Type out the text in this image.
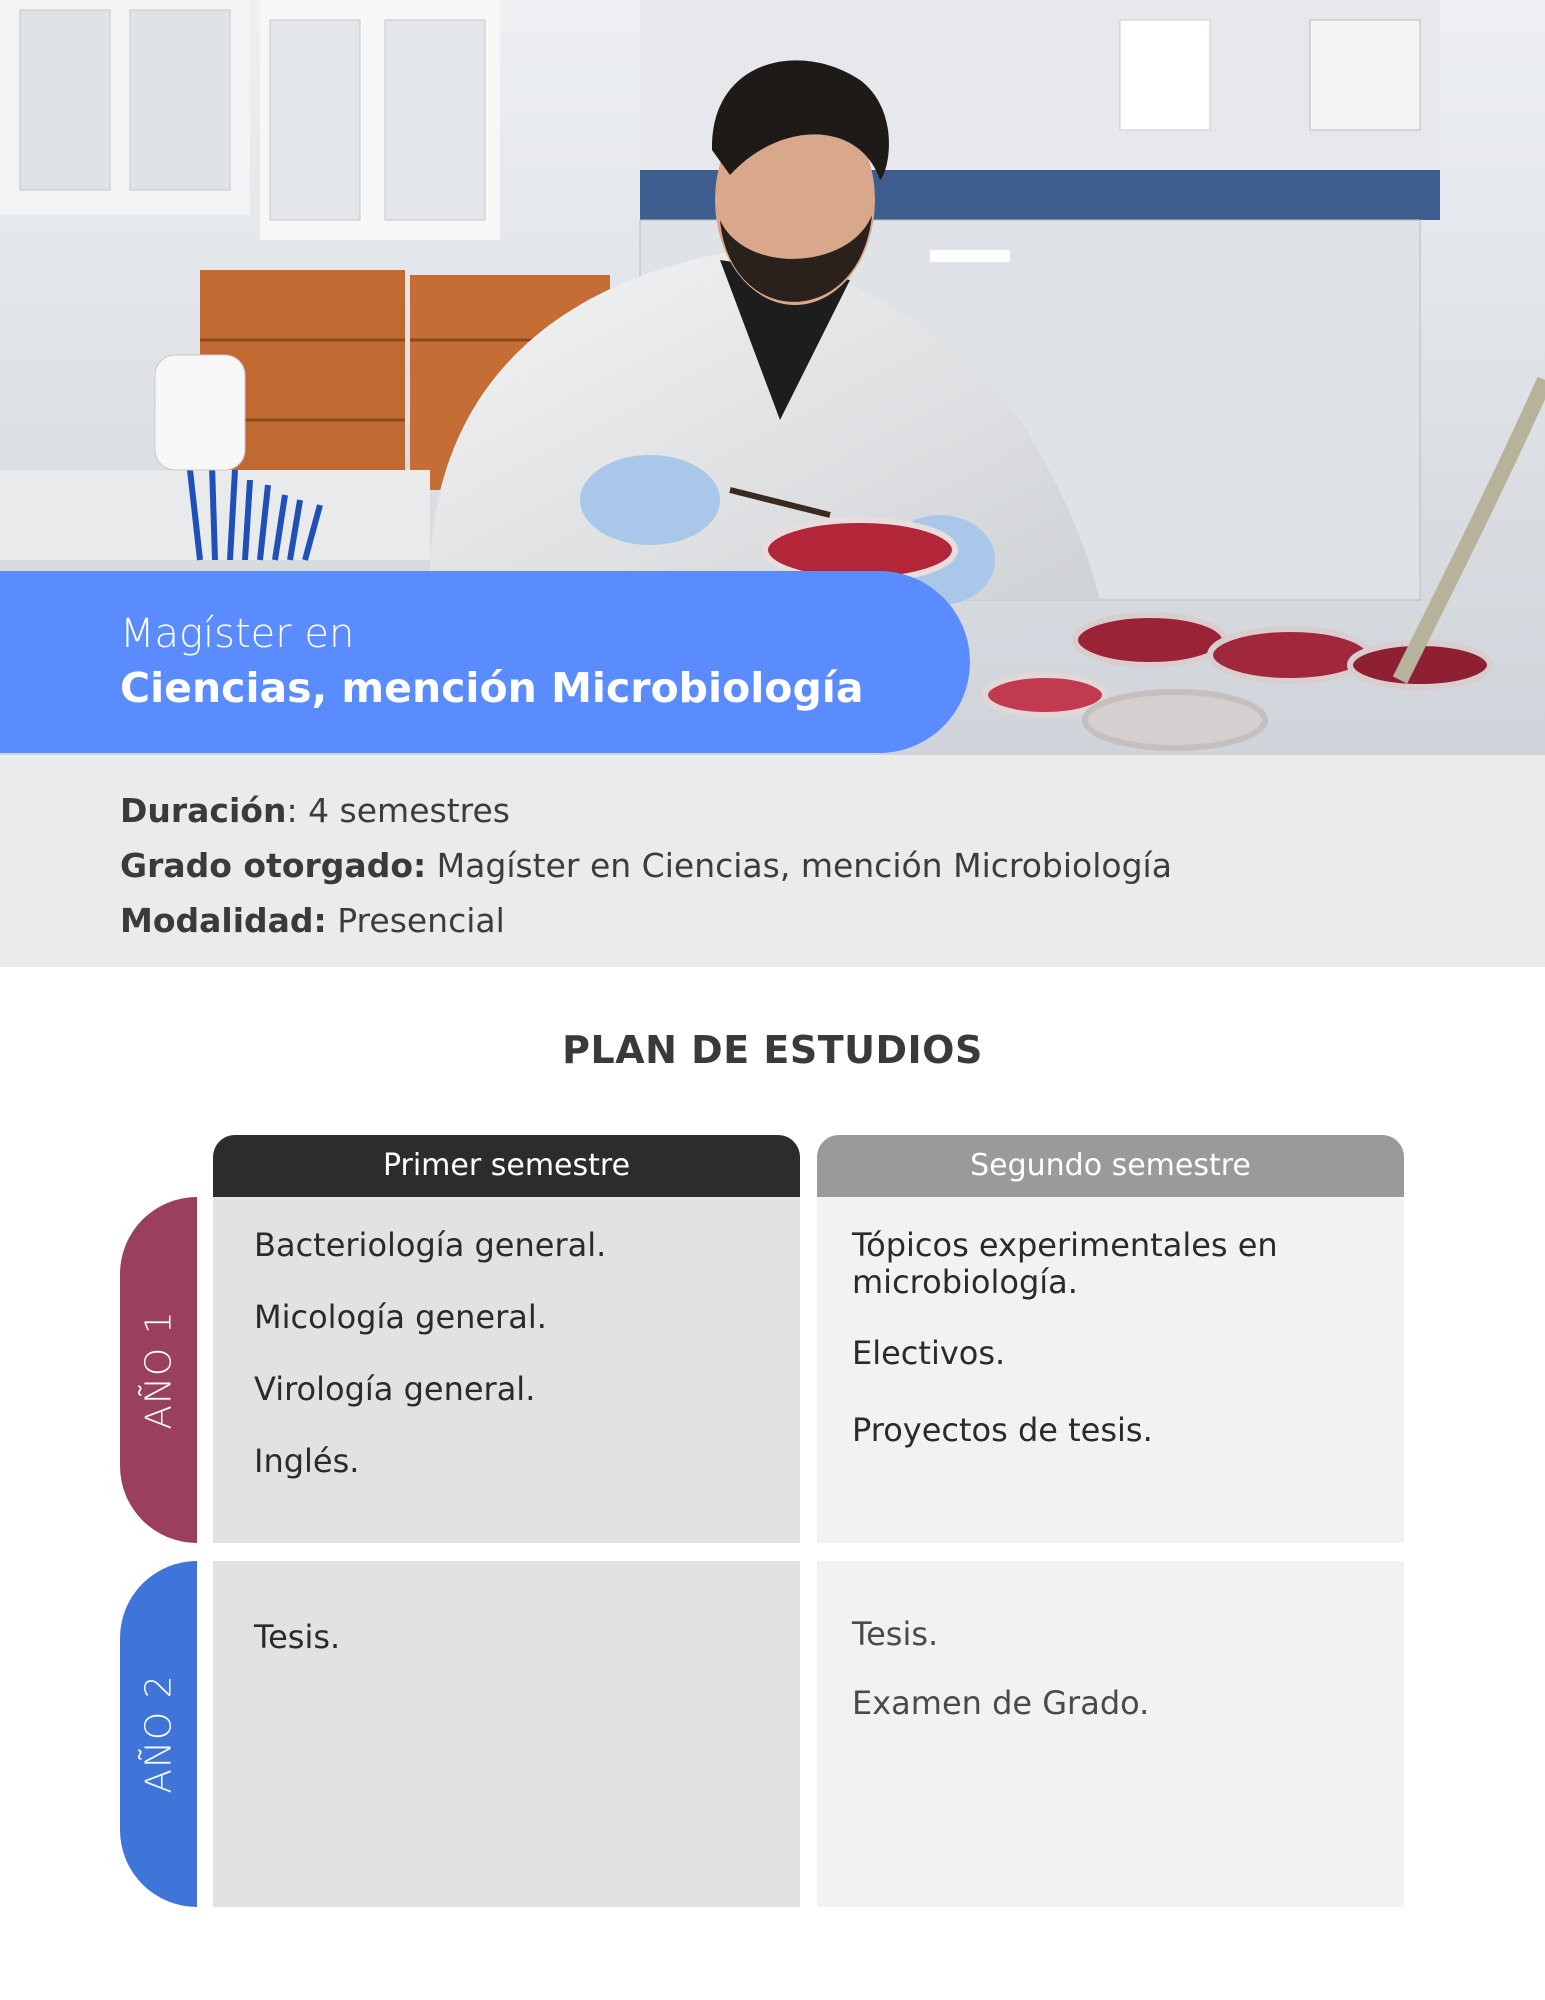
Magíster en
Ciencias, mención Microbiología
Duración: 4 semestres
Grado otorgado: Magíster en Ciencias, mención Microbiología
Modalidad: Presencial
PLAN DE ESTUDIOS
Primer semestre	Segundo semestre
AÑO 1

Bacteriología general.

Micología general.

Virología general.

Inglés.

Tópicos experimentales en microbiología.

Electivos.

Proyectos de tesis.

AÑO 2

Tesis.	Tesis.

Examen de Grado.
